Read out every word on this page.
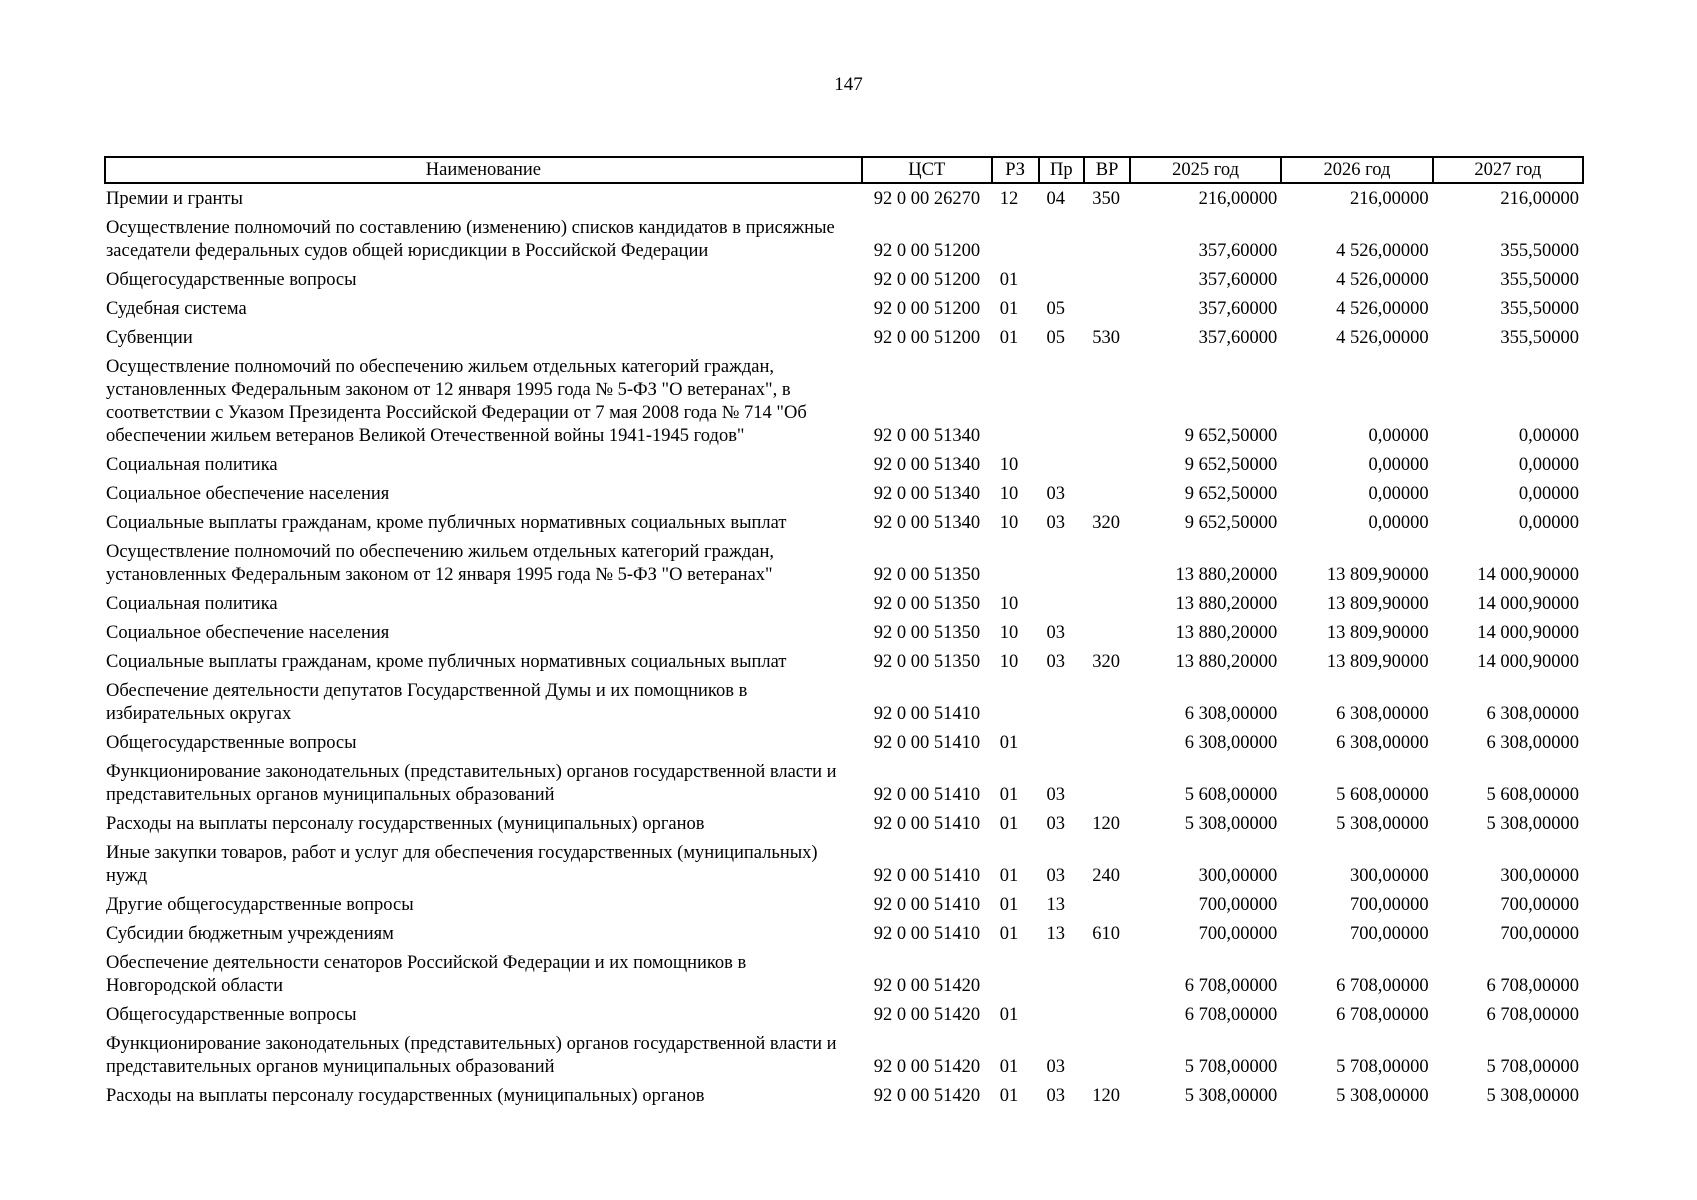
147
Наименование	ЦСТ	РЗ	Пр	ВР	2025 год	2026 год	2027 год
Премии и гранты	92 0 00 26270	12	04	350	216,00000	216,00000	216,00000
Осуществление полномочий по составлению (изменению) списков кандидатов в присяжные заседатели федеральных судов общей юрисдикции в Российской Федерации	92 0 00 51200				357,60000	4 526,00000	355,50000
Общегосударственные вопросы	92 0 00 51200	01			357,60000	4 526,00000	355,50000
Судебная система	92 0 00 51200	01	05		357,60000	4 526,00000	355,50000
Субвенции	92 0 00 51200	01	05	530	357,60000	4 526,00000	355,50000
Осуществление полномочий по обеспечению жильем отдельных категорий граждан, установленных Федеральным законом от 12 января 1995 года № 5-ФЗ "О ветеранах", в соответствии с Указом Президента Российской Федерации от 7 мая 2008 года № 714 "Об обеспечении жильем ветеранов Великой Отечественной войны 1941-1945 годов"	92 0 00 51340				9 652,50000	0,00000	0,00000
Социальная политика	92 0 00 51340	10			9 652,50000	0,00000	0,00000
Социальное обеспечение населения	92 0 00 51340	10	03		9 652,50000	0,00000	0,00000
Социальные выплаты гражданам, кроме публичных нормативных социальных выплат	92 0 00 51340	10	03	320	9 652,50000	0,00000	0,00000
Осуществление полномочий по обеспечению жильем отдельных категорий граждан, установленных Федеральным законом от 12 января 1995 года № 5-ФЗ "О ветеранах"	92 0 00 51350				13 880,20000	13 809,90000	14 000,90000
Социальная политика	92 0 00 51350	10			13 880,20000	13 809,90000	14 000,90000
Социальное обеспечение населения	92 0 00 51350	10	03		13 880,20000	13 809,90000	14 000,90000
Социальные выплаты гражданам, кроме публичных нормативных социальных выплат	92 0 00 51350	10	03	320	13 880,20000	13 809,90000	14 000,90000
Обеспечение деятельности депутатов Государственной Думы и их помощников в избирательных округах	92 0 00 51410				6 308,00000	6 308,00000	6 308,00000
Общегосударственные вопросы	92 0 00 51410	01			6 308,00000	6 308,00000	6 308,00000
Функционирование законодательных (представительных) органов государственной власти и представительных органов муниципальных образований	92 0 00 51410	01	03		5 608,00000	5 608,00000	5 608,00000
Расходы на выплаты персоналу государственных (муниципальных) органов	92 0 00 51410	01	03	120	5 308,00000	5 308,00000	5 308,00000
Иные закупки товаров, работ и услуг для обеспечения государственных (муниципальных) нужд	92 0 00 51410	01	03	240	300,00000	300,00000	300,00000
Другие общегосударственные вопросы	92 0 00 51410	01	13		700,00000	700,00000	700,00000
Субсидии бюджетным учреждениям	92 0 00 51410	01	13	610	700,00000	700,00000	700,00000
Обеспечение деятельности сенаторов Российской Федерации и их помощников в Новгородской области	92 0 00 51420				6 708,00000	6 708,00000	6 708,00000
Общегосударственные вопросы	92 0 00 51420	01			6 708,00000	6 708,00000	6 708,00000
Функционирование законодательных (представительных) органов государственной власти и представительных органов муниципальных образований	92 0 00 51420	01	03		5 708,00000	5 708,00000	5 708,00000
Расходы на выплаты персоналу государственных (муниципальных) органов	92 0 00 51420	01	03	120	5 308,00000	5 308,00000	5 308,00000
